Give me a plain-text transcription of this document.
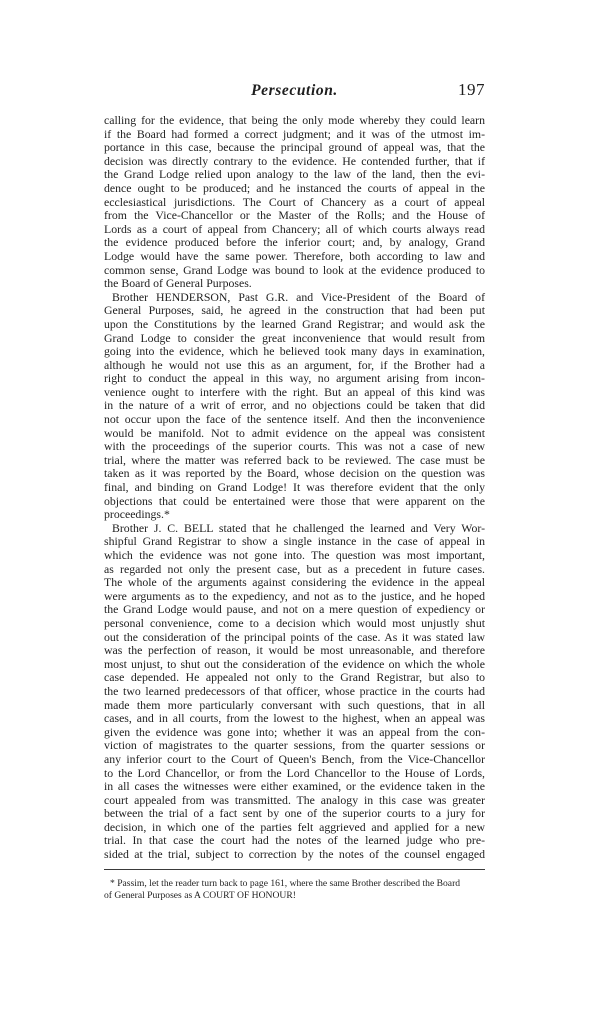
Persecution.	197
calling for the evidence, that being the only mode whereby they could learn
if the Board had formed a correct judgment; and it was of the utmost im-
portance in this case, because the principal ground of appeal was, that the
decision was directly contrary to the evidence. He contended further, that if
the Grand Lodge relied upon analogy to the law of the land, then the evi-
dence ought to be produced; and he instanced the courts of appeal in the
ecclesiastical jurisdictions. The Court of Chancery as a court of appeal
from the Vice-Chancellor or the Master of the Rolls; and the House of
Lords as a court of appeal from Chancery; all of which courts always read
the evidence produced before the inferior court; and, by analogy, Grand
Lodge would have the same power. Therefore, both according to law and
common sense, Grand Lodge was bound to look at the evidence produced to
the Board of General Purposes.
Brother HENDERSON, Past G.R. and Vice-President of the Board of
General Purposes, said, he agreed in the construction that had been put
upon the Constitutions by the learned Grand Registrar; and would ask the
Grand Lodge to consider the great inconvenience that would result from
going into the evidence, which he believed took many days in examination,
although he would not use this as an argument, for, if the Brother had a
right to conduct the appeal in this way, no argument arising from incon-
venience ought to interfere with the right. But an appeal of this kind was
in the nature of a writ of error, and no objections could be taken that did
not occur upon the face of the sentence itself. And then the inconvenience
would be manifold. Not to admit evidence on the appeal was consistent
with the proceedings of the superior courts. This was not a case of new
trial, where the matter was referred back to be reviewed. The case must be
taken as it was reported by the Board, whose decision on the question was
final, and binding on Grand Lodge! It was therefore evident that the only
objections that could be entertained were those that were apparent on the
proceedings.*
Brother J. C. BELL stated that he challenged the learned and Very Wor-
shipful Grand Registrar to show a single instance in the case of appeal in
which the evidence was not gone into. The question was most important,
as regarded not only the present case, but as a precedent in future cases.
The whole of the arguments against considering the evidence in the appeal
were arguments as to the expediency, and not as to the justice, and he hoped
the Grand Lodge would pause, and not on a mere question of expediency or
personal convenience, come to a decision which would most unjustly shut
out the consideration of the principal points of the case. As it was stated law
was the perfection of reason, it would be most unreasonable, and therefore
most unjust, to shut out the consideration of the evidence on which the whole
case depended. He appealed not only to the Grand Registrar, but also to
the two learned predecessors of that officer, whose practice in the courts had
made them more particularly conversant with such questions, that in all
cases, and in all courts, from the lowest to the highest, when an appeal was
given the evidence was gone into; whether it was an appeal from the con-
viction of magistrates to the quarter sessions, from the quarter sessions or
any inferior court to the Court of Queen's Bench, from the Vice-Chancellor
to the Lord Chancellor, or from the Lord Chancellor to the House of Lords,
in all cases the witnesses were either examined, or the evidence taken in the
court appealed from was transmitted. The analogy in this case was greater
between the trial of a fact sent by one of the superior courts to a jury for
decision, in which one of the parties felt aggrieved and applied for a new
trial. In that case the court had the notes of the learned judge who pre-
sided at the trial, subject to correction by the notes of the counsel engaged
* Passim, let the reader turn back to page 161, where the same Brother described the Board
of General Purposes as A COURT OF HONOUR!
